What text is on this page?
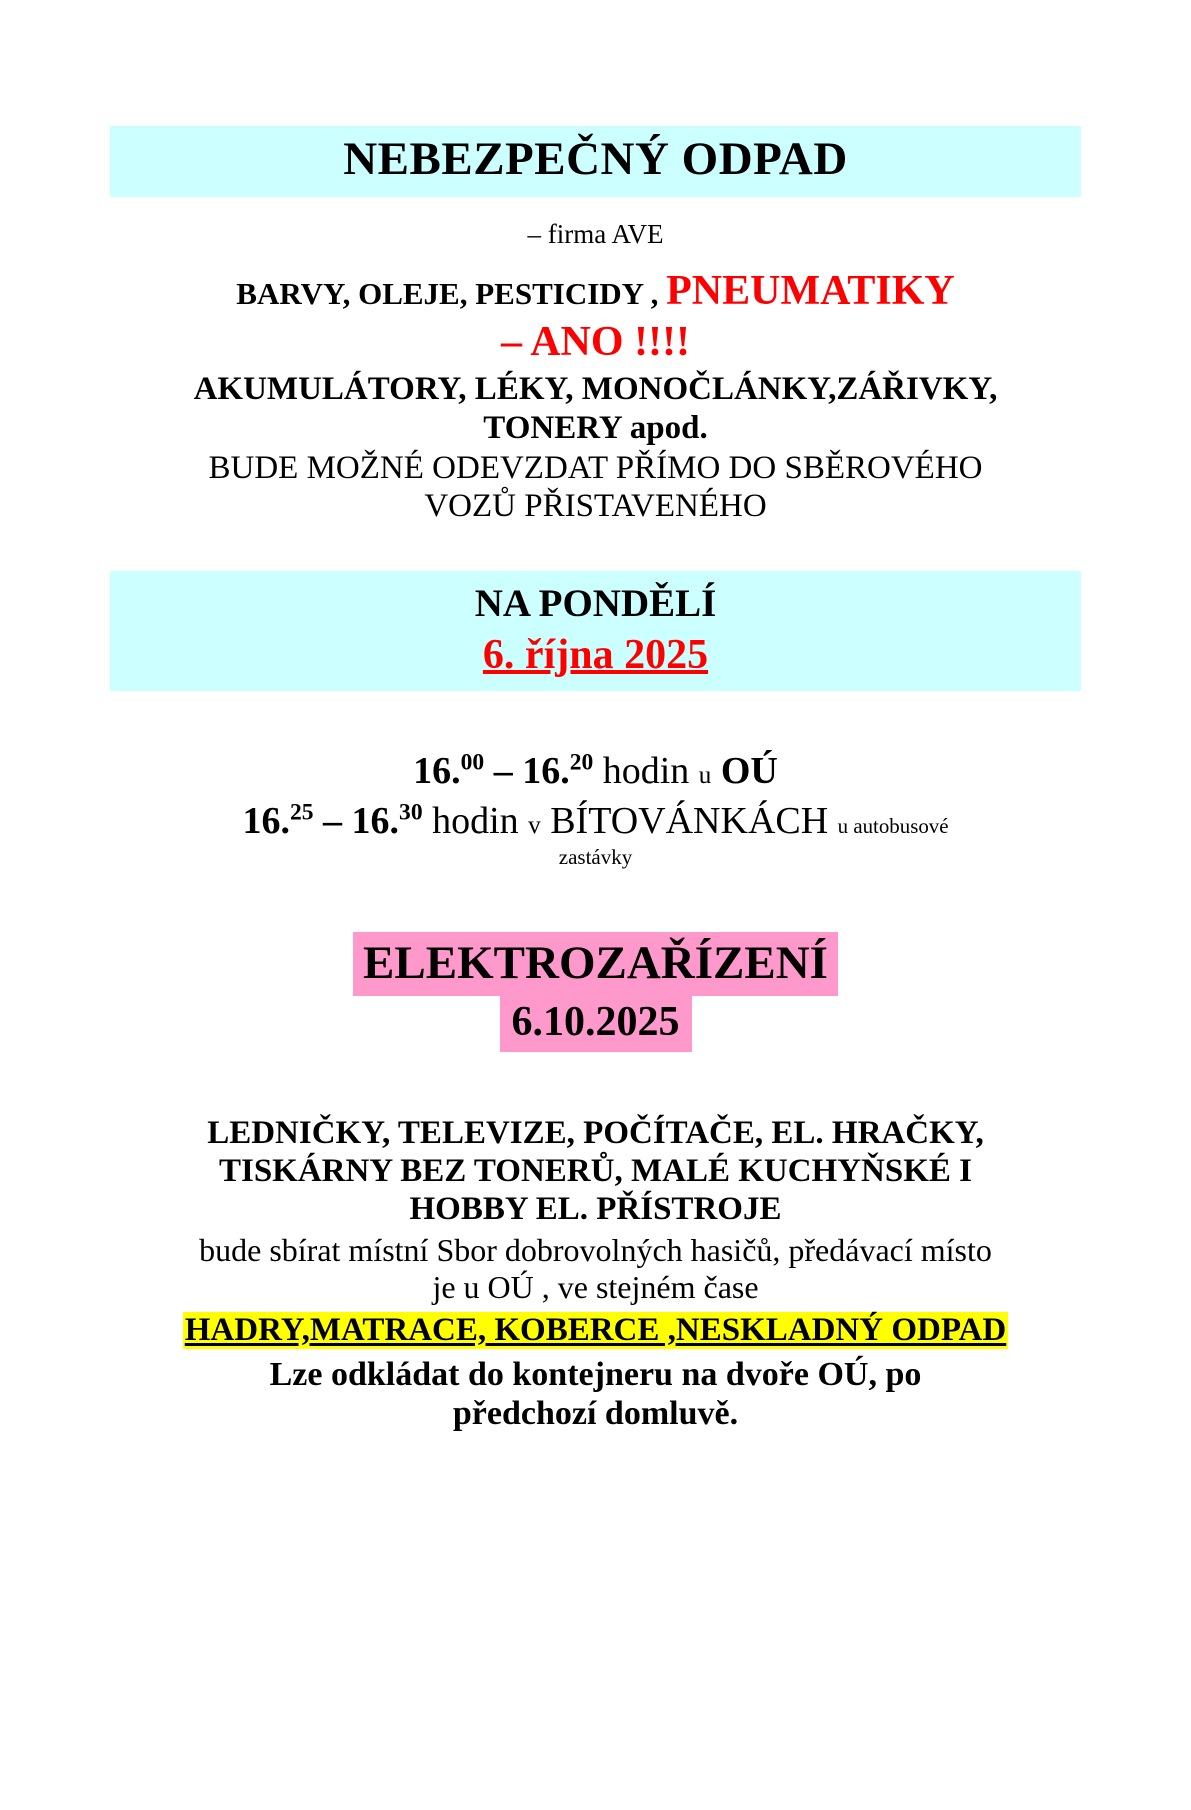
NEBEZPEČNÝ ODPAD
– firma AVE
BARVY, OLEJE, PESTICIDY , PNEUMATIKY
– ANO !!!!
AKUMULÁTORY, LÉKY, MONOČLÁNKY,ZÁŘIVKY,
TONERY apod.
BUDE MOŽNÉ ODEVZDAT PŘÍMO DO SBĚROVÉHO
VOZŮ PŘISTAVENÉHO
NA PONDĚLÍ
6. října 2025
16.00 – 16.20 hodin u OÚ
16.25 – 16.30 hodin v BÍTOVÁNKÁCH u autobusové
zastávky
ELEKTROZAŘÍZENÍ
6.10.2025
LEDNIČKY, TELEVIZE, POČÍTAČE, EL. HRAČKY,
TISKÁRNY BEZ TONERŮ, MALÉ KUCHYŇSKÉ I
HOBBY EL. PŘÍSTROJE
bude sbírat místní Sbor dobrovolných hasičů, předávací místo
je u OÚ , ve stejném čase
HADRY,MATRACE, KOBERCE ,NESKLADNÝ ODPAD
Lze odkládat do kontejneru na dvoře OÚ, po
předchozí domluvě.
